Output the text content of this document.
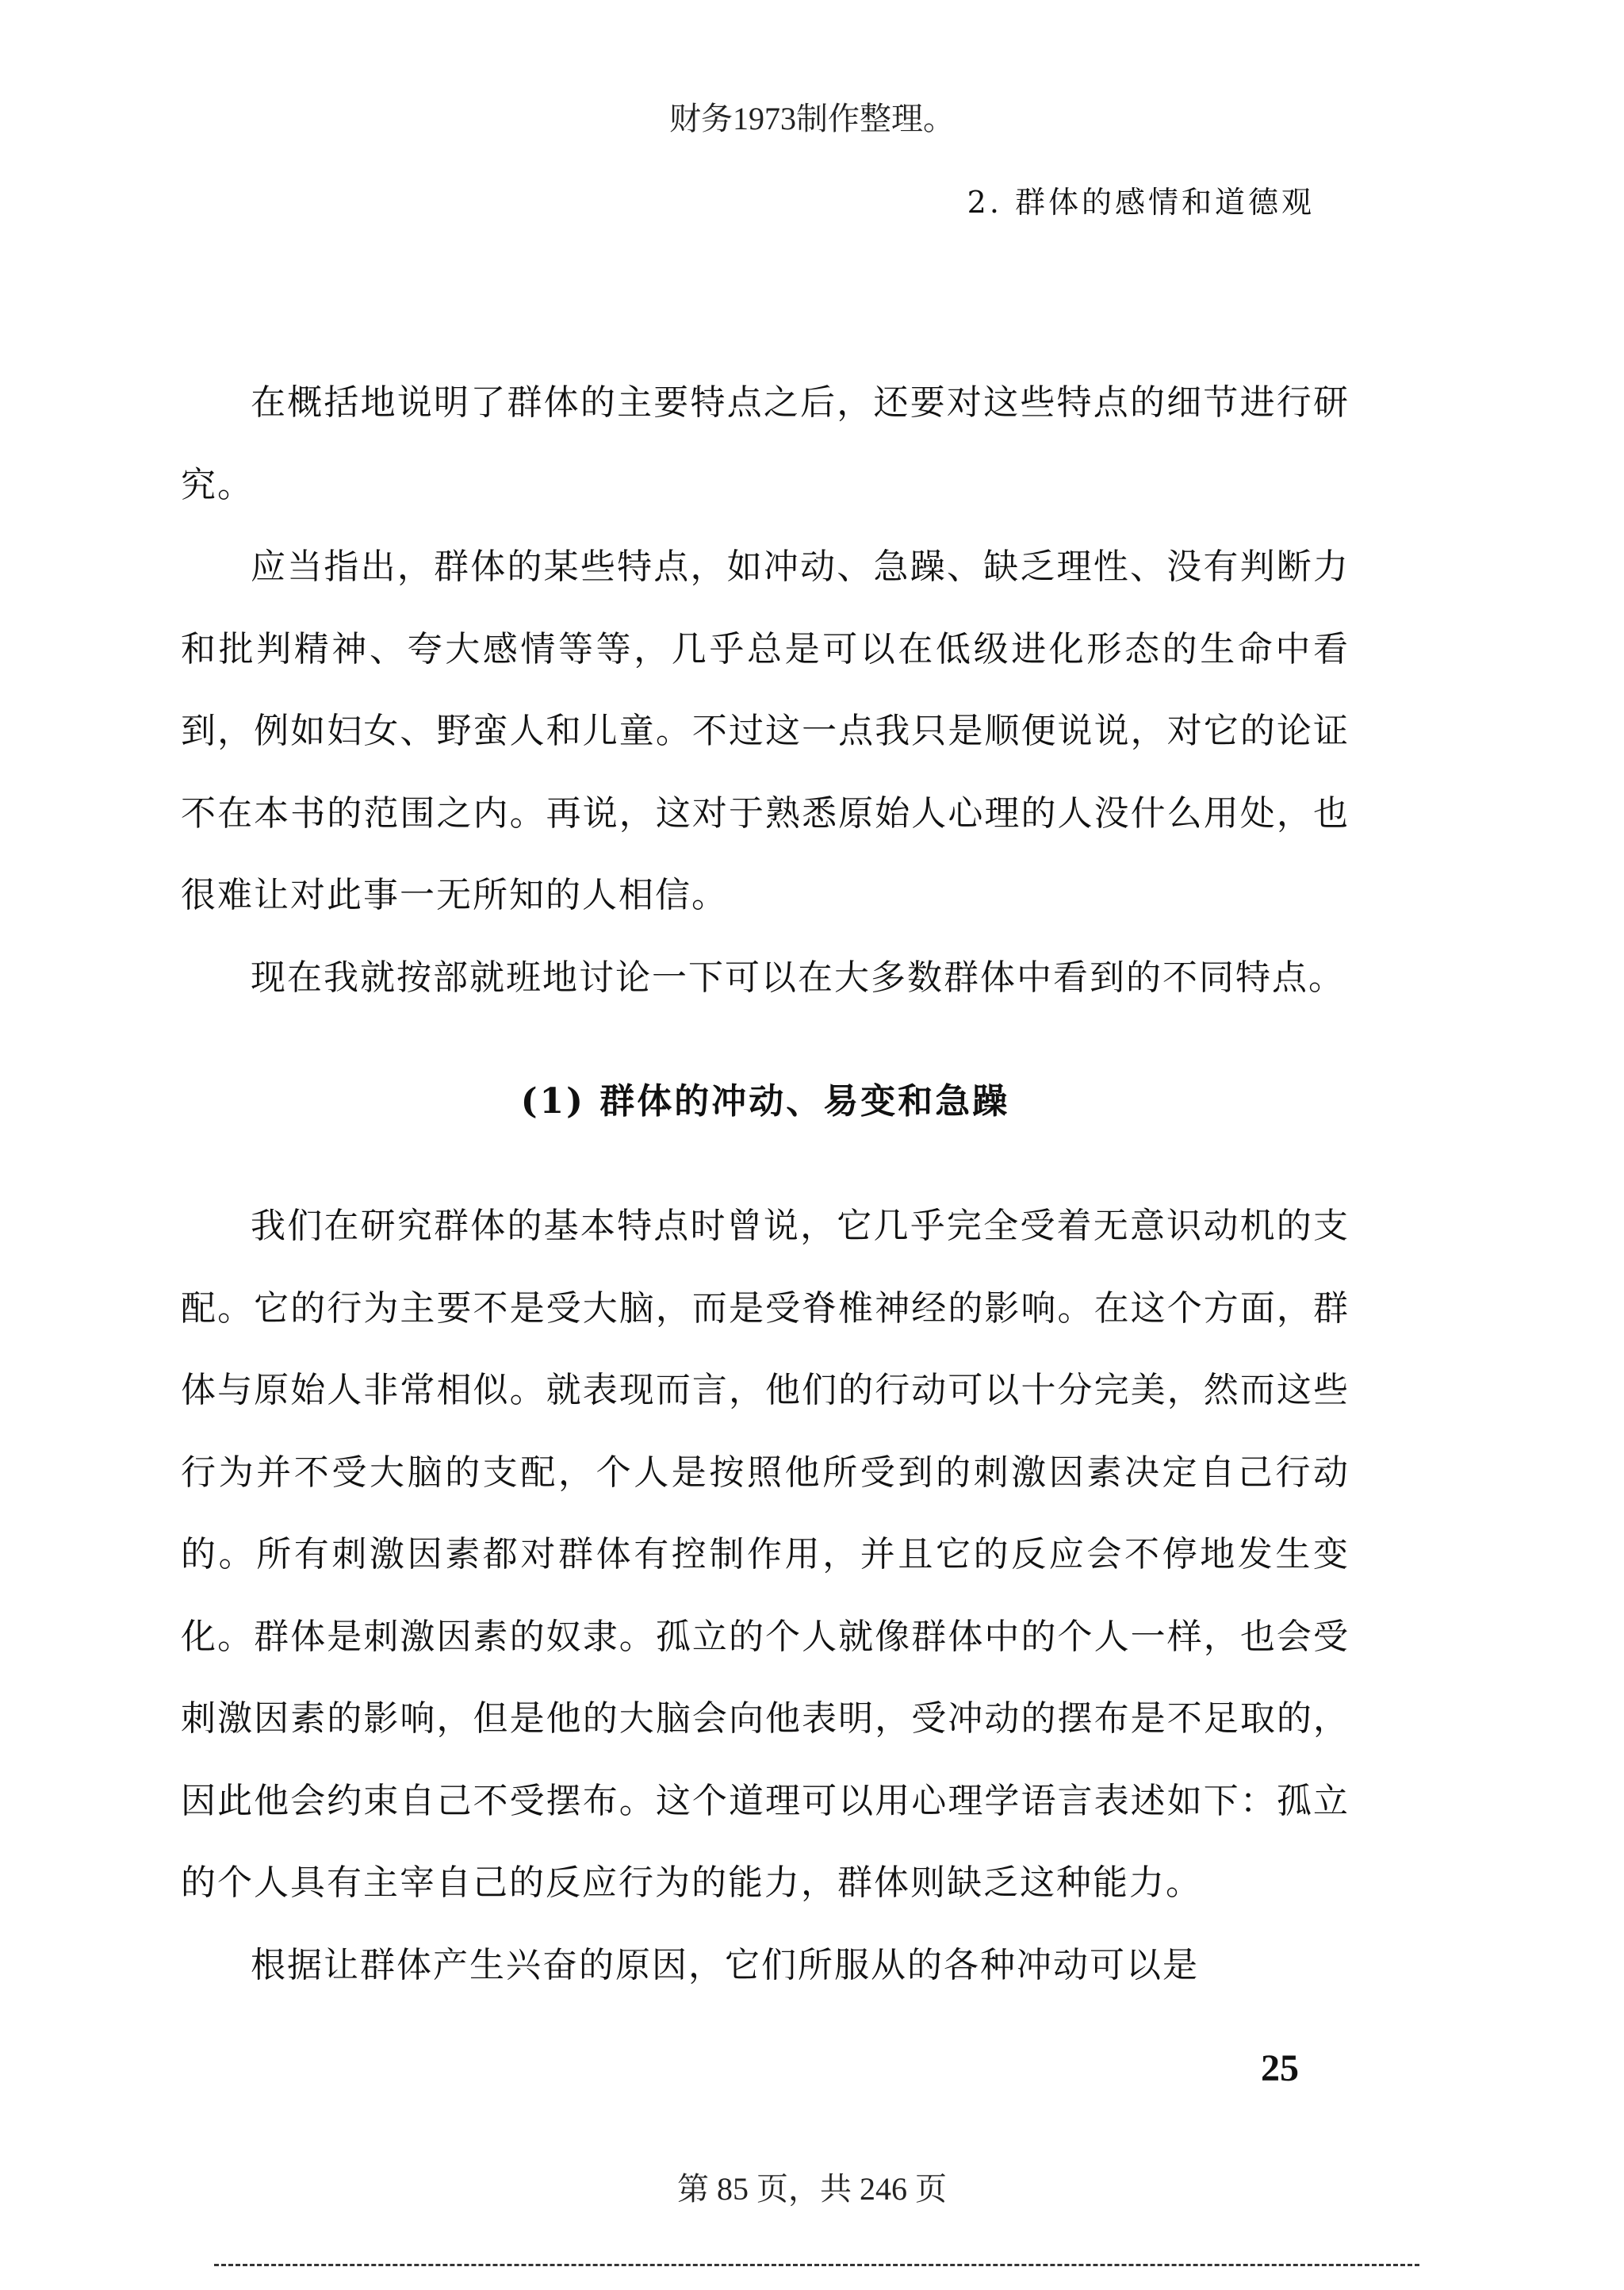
财务1973制作整理。
2. 群体的感情和道德观

在概括地说明了群体的主要特点之后，还要对这些特点的细节进行研究。

应当指出，群体的某些特点，如冲动、急躁、缺乏理性、没有判断力和批判精神、夸大感情等等，几乎总是可以在低级进化形态的生命中看到，例如妇女、野蛮人和儿童。不过这一点我只是顺便说说，对它的论证不在本书的范围之内。再说，这对于熟悉原始人心理的人没什么用处，也很难让对此事一无所知的人相信。

现在我就按部就班地讨论一下可以在大多数群体中看到的不同特点。

(1) 群体的冲动、易变和急躁

我们在研究群体的基本特点时曾说，它几乎完全受着无意识动机的支配。它的行为主要不是受大脑，而是受脊椎神经的影响。在这个方面，群体与原始人非常相似。就表现而言，他们的行动可以十分完美，然而这些行为并不受大脑的支配，个人是按照他所受到的刺激因素决定自己行动的。所有刺激因素都对群体有控制作用，并且它的反应会不停地发生变化。群体是刺激因素的奴隶。孤立的个人就像群体中的个人一样，也会受刺激因素的影响，但是他的大脑会向他表明，受冲动的摆布是不足取的，因此他会约束自己不受摆布。这个道理可以用心理学语言表述如下：孤立的个人具有主宰自己的反应行为的能力，群体则缺乏这种能力。

根据让群体产生兴奋的原因，它们所服从的各种冲动可以是

25
第 85 页，共 246 页
